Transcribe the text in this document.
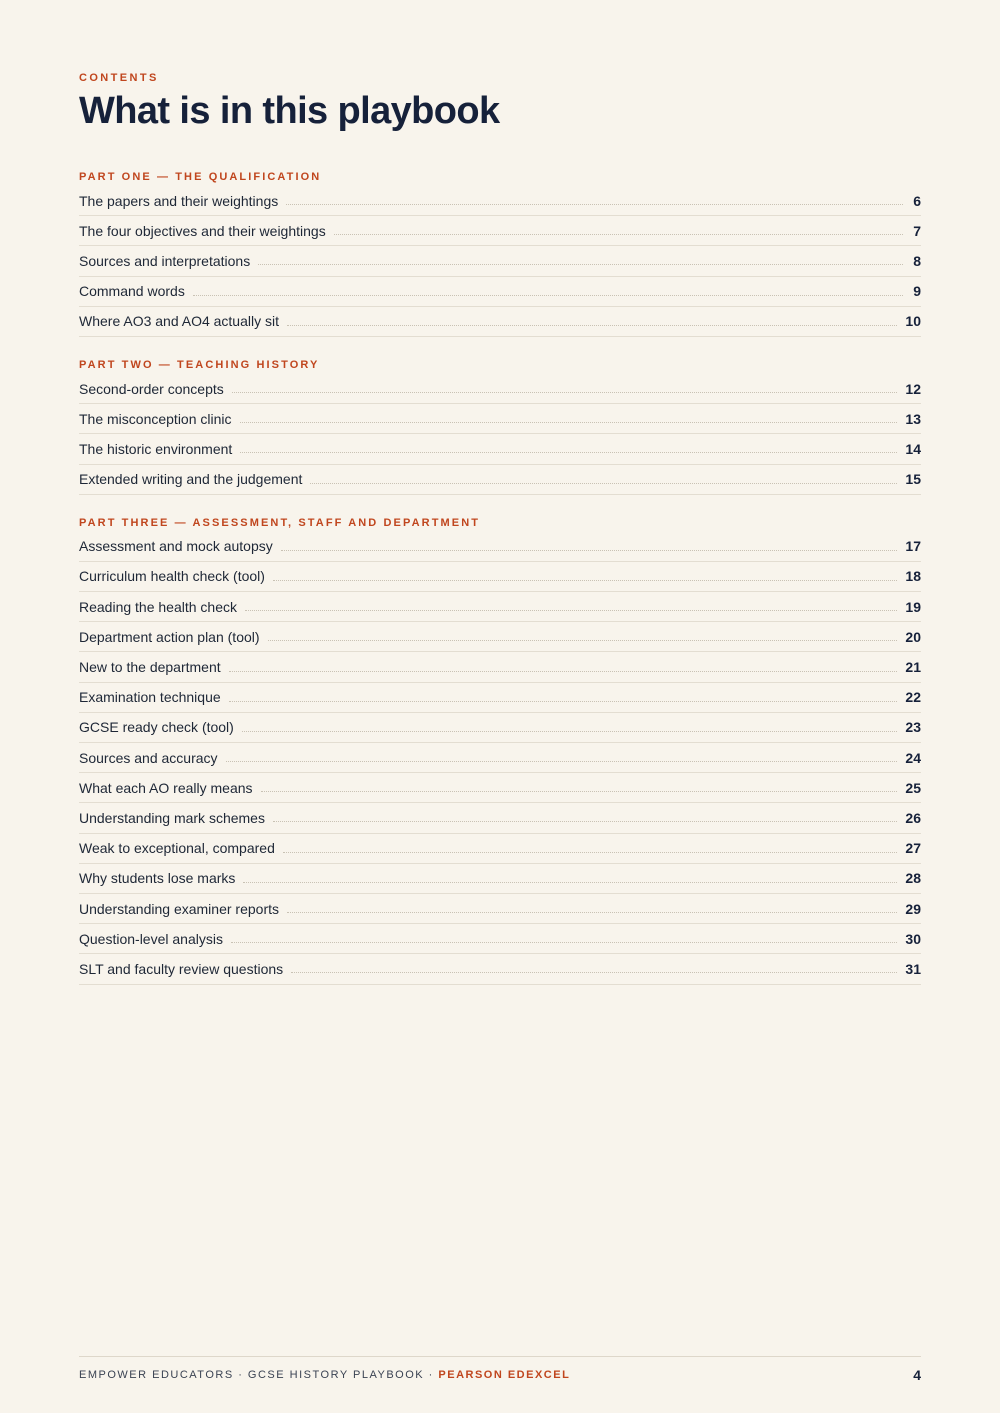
CONTENTS
What is in this playbook
PART ONE — THE QUALIFICATION
The papers and their weightings	6
The four objectives and their weightings	7
Sources and interpretations	8
Command words	9
Where AO3 and AO4 actually sit	10
PART TWO — TEACHING HISTORY
Second-order concepts	12
The misconception clinic	13
The historic environment	14
Extended writing and the judgement	15
PART THREE — ASSESSMENT, STAFF AND DEPARTMENT
Assessment and mock autopsy	17
Curriculum health check (tool)	18
Reading the health check	19
Department action plan (tool)	20
New to the department	21
Examination technique	22
GCSE ready check (tool)	23
Sources and accuracy	24
What each AO really means	25
Understanding mark schemes	26
Weak to exceptional, compared	27
Why students lose marks	28
Understanding examiner reports	29
Question-level analysis	30
SLT and faculty review questions	31
EMPOWER EDUCATORS · GCSE HISTORY PLAYBOOK · PEARSON EDEXCEL	4
